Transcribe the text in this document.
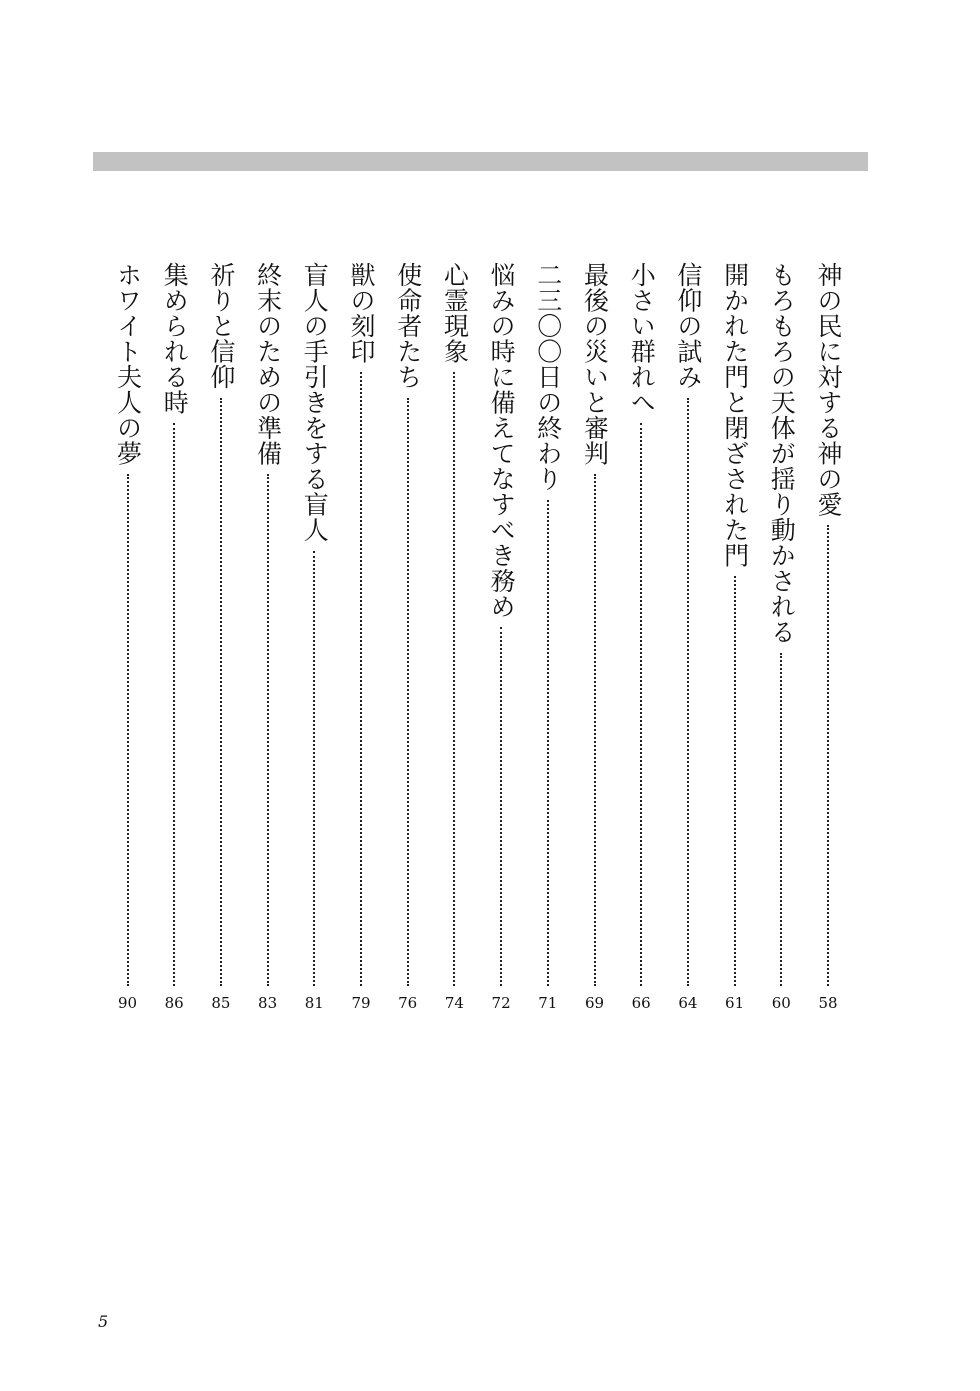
神の民に対する神の愛
58
もろもろの天体が揺り動かされる
60
開かれた門と閉ざされた門
61
信仰の試み
64
小さい群れへ
66
最後の災いと審判
69
二三〇〇日の終わり
71
悩みの時に備えてなすべき務め
72
心霊現象
74
使命者たち
76
獣の刻印
79
盲人の手引きをする盲人
81
終末のための準備
83
祈りと信仰
85
集められる時
86
ホワイト夫人の夢
90
5
